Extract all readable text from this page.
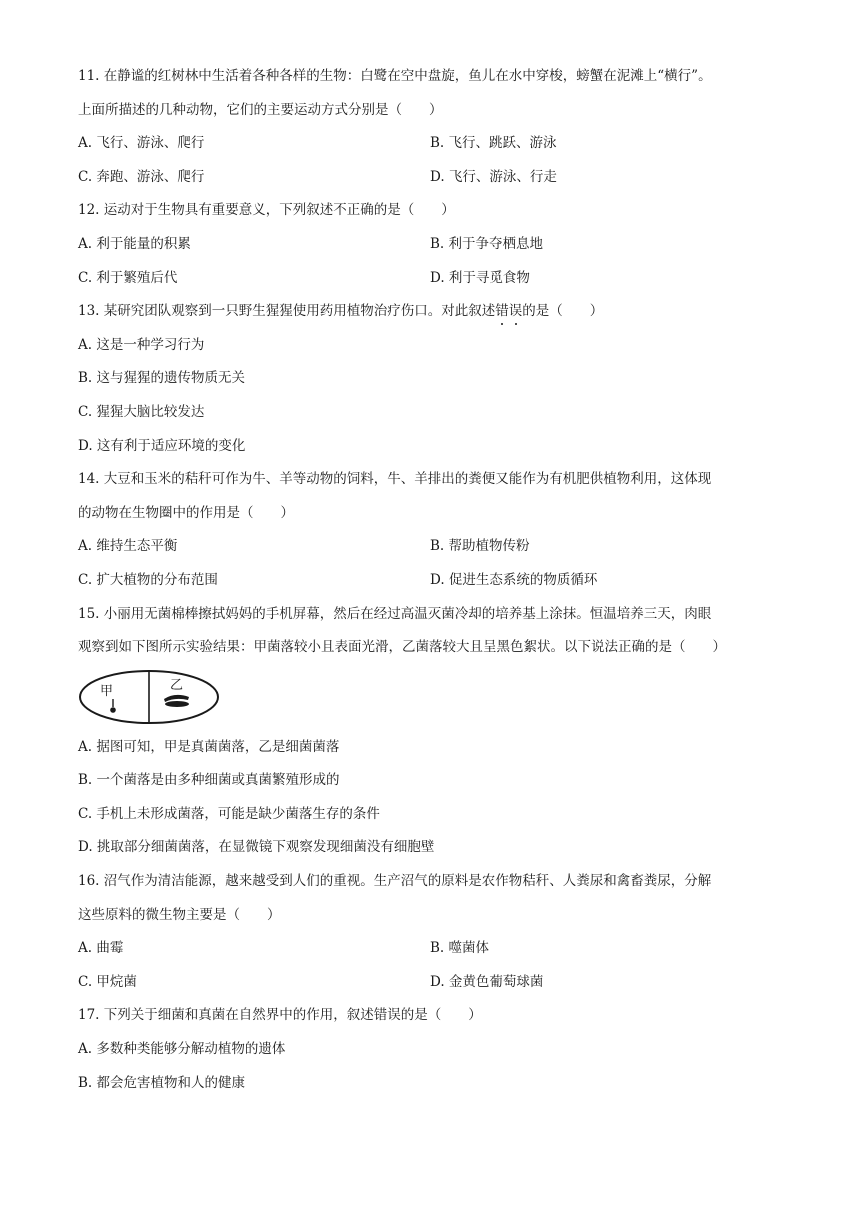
11. 在静谧的红树林中生活着各种各样的生物：白鹭在空中盘旋，鱼儿在水中穿梭，螃蟹在泥滩上“横行”。
上面所描述的几种动物，它们的主要运动方式分别是（　　）
A. 飞行、游泳、爬行	B. 飞行、跳跃、游泳
C. 奔跑、游泳、爬行	D. 飞行、游泳、行走
12. 运动对于生物具有重要意义，下列叙述不正确的是（　　）
A. 利于能量的积累	B. 利于争夺栖息地
C. 利于繁殖后代	D. 利于寻觅食物
13. 某研究团队观察到一只野生猩猩使用药用植物治疗伤口。对此叙述错误的是（　　）
A. 这是一种学习行为
B. 这与猩猩的遗传物质无关
C. 猩猩大脑比较发达
D. 这有利于适应环境的变化
14. 大豆和玉米的秸秆可作为牛、羊等动物的饲料，牛、羊排出的粪便又能作为有机肥供植物利用，这体现
的动物在生物圈中的作用是（　　）
A. 维持生态平衡	B. 帮助植物传粉
C. 扩大植物的分布范围	D. 促进生态系统的物质循环
15. 小丽用无菌棉棒擦拭妈妈的手机屏幕，然后在经过高温灭菌冷却的培养基上涂抹。恒温培养三天，肉眼
观察到如下图所示实验结果：甲菌落较小且表面光滑，乙菌落较大且呈黑色絮状。以下说法正确的是（　　）
甲	乙
A. 据图可知，甲是真菌菌落，乙是细菌菌落
B. 一个菌落是由多种细菌或真菌繁殖形成的
C. 手机上未形成菌落，可能是缺少菌落生存的条件
D. 挑取部分细菌菌落，在显微镜下观察发现细菌没有细胞壁
16. 沼气作为清洁能源，越来越受到人们的重视。生产沼气的原料是农作物秸秆、人粪尿和禽畜粪尿，分解
这些原料的微生物主要是（　　）
A. 曲霉	B. 噬菌体
C. 甲烷菌	D. 金黄色葡萄球菌
17. 下列关于细菌和真菌在自然界中的作用，叙述错误的是（　　）
A. 多数种类能够分解动植物的遗体
B. 都会危害植物和人的健康
